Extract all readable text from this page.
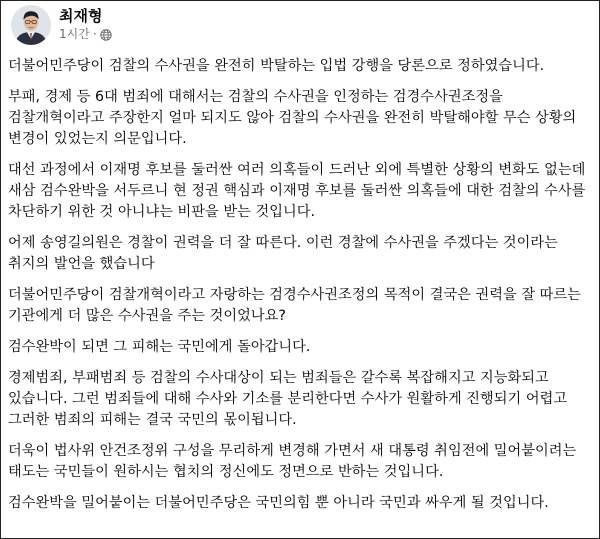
최재형
1시간 ·

더불어민주당이 검찰의 수사권을 완전히 박탈하는 입법 강행을 당론으로 정하였습니다.

부패, 경제 등 6대 범죄에 대해서는 검찰의 수사권을 인정하는 검경수사권조정을 검찰개혁이라고 주장한지 얼마 되지도 않아 검찰의 수사권을 완전히 박탈해야할 무슨 상황의 변경이 있었는지 의문입니다.

대선 과정에서 이재명 후보를 둘러싼 여러 의혹들이 드러난 외에 특별한 상황의 변화도 없는데 새삼 검수완박을 서두르니 현 정권 핵심과 이재명 후보를 둘러싼 의혹들에 대한 검찰의 수사를 차단하기 위한 것 아니냐는 비판을 받는 것입니다.

어제 송영길의원은 경찰이 권력을 더 잘 따른다. 이런 경찰에 수사권을 주겠다는 것이라는 취지의 발언을 했습니다

더불어민주당이 검찰개혁이라고 자랑하는 검경수사권조정의 목적이 결국은 권력을 잘 따르는 기관에게 더 많은 수사권을 주는 것이었나요?

검수완박이 되면 그 피해는 국민에게 돌아갑니다.

경제범죄, 부패범죄 등 검찰의 수사대상이 되는 범죄들은 갈수록 복잡해지고 지능화되고 있습니다. 그런 범죄들에 대해 수사와 기소를 분리한다면 수사가 원활하게 진행되기 어렵고 그러한 범죄의 피해는 결국 국민의 몫이됩니다.

더욱이 법사위 안건조정위 구성을 무리하게 변경해 가면서 새 대통령 취임전에 밀어붙이려는 태도는 국민들이 원하시는 협치의 정신에도 정면으로 반하는 것입니다.

검수완박을 밀어붙이는 더불어민주당은 국민의힘 뿐 아니라 국민과 싸우게 될 것입니다.
